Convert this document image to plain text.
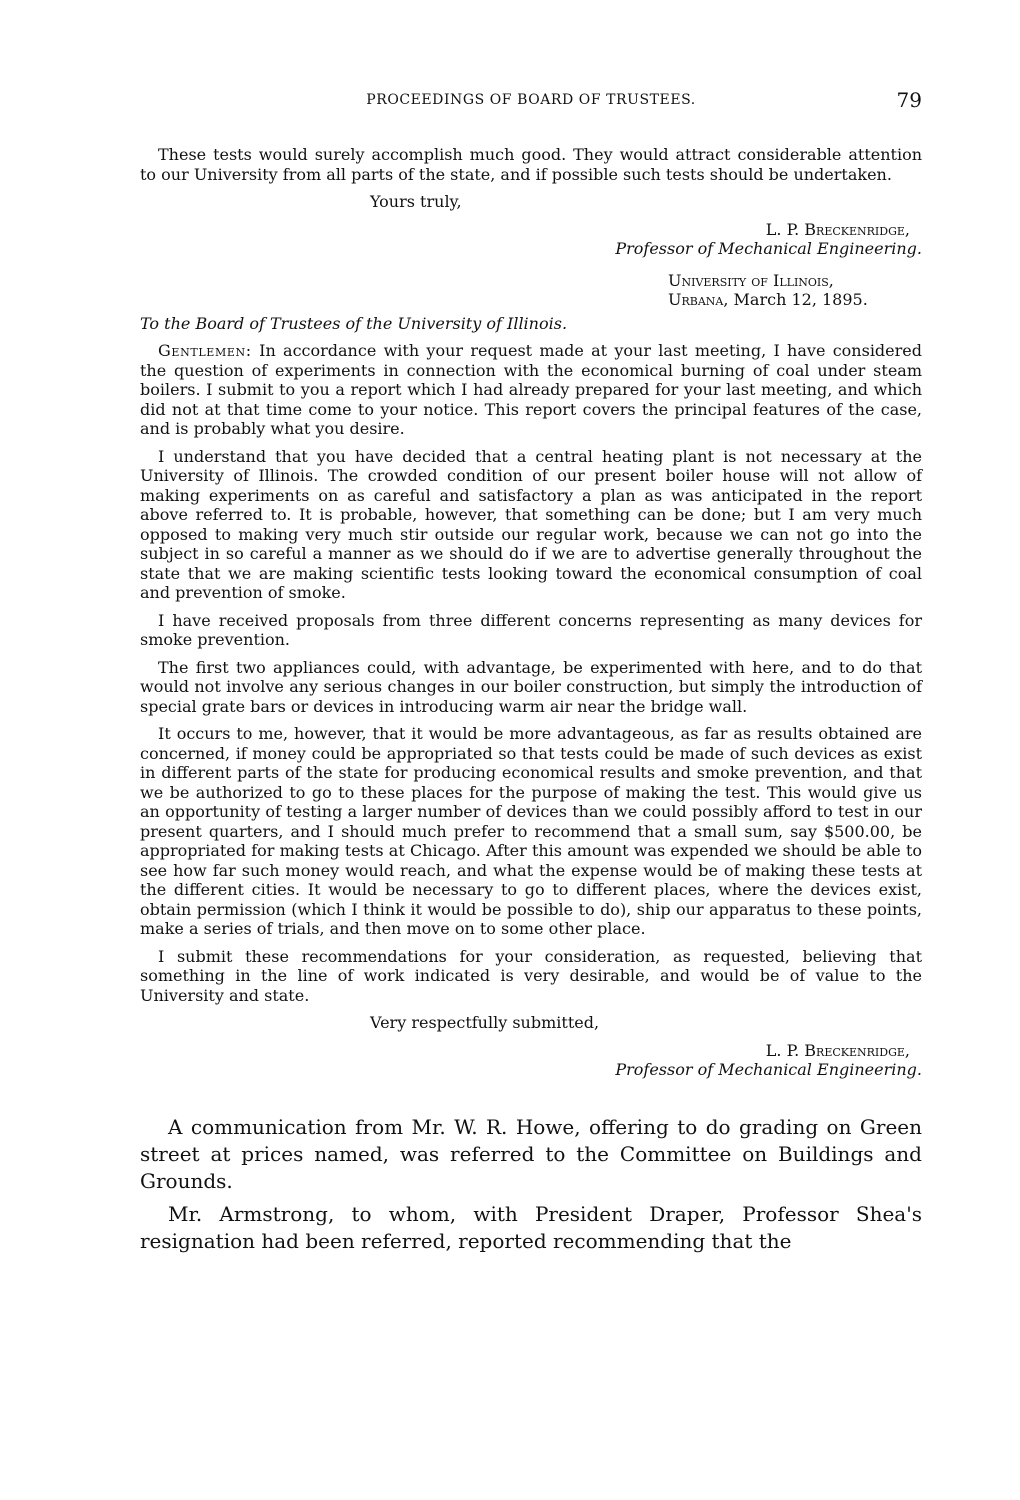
PROCEEDINGS OF BOARD OF TRUSTEES.	79

These tests would surely accomplish much good. They would attract considerable attention to our University from all parts of the state, and if possible such tests should be undertaken.

Yours truly,
L. P. Breckenridge,
Professor of Mechanical Engineering.
University of Illinois,
Urbana, March 12, 1895.
To the Board of Trustees of the University of Illinois.

Gentlemen: In accordance with your request made at your last meeting, I have considered the question of experiments in connection with the economical burning of coal under steam boilers. I submit to you a report which I had already prepared for your last meeting, and which did not at that time come to your notice. This report covers the principal features of the case, and is probably what you desire.

I understand that you have decided that a central heating plant is not necessary at the University of Illinois. The crowded condition of our present boiler house will not allow of making experiments on as careful and satisfactory a plan as was anticipated in the report above referred to. It is probable, however, that something can be done; but I am very much opposed to making very much stir outside our regular work, because we can not go into the subject in so careful a manner as we should do if we are to advertise generally throughout the state that we are making scientific tests looking toward the economical consumption of coal and prevention of smoke.

I have received proposals from three different concerns representing as many devices for smoke prevention.

The first two appliances could, with advantage, be experimented with here, and to do that would not involve any serious changes in our boiler construction, but simply the introduction of special grate bars or devices in introducing warm air near the bridge wall.

It occurs to me, however, that it would be more advantageous, as far as results obtained are concerned, if money could be appropriated so that tests could be made of such devices as exist in different parts of the state for producing economical results and smoke prevention, and that we be authorized to go to these places for the purpose of making the test. This would give us an opportunity of testing a larger number of devices than we could possibly afford to test in our present quarters, and I should much prefer to recommend that a small sum, say $500.00, be appropriated for making tests at Chicago. After this amount was expended we should be able to see how far such money would reach, and what the expense would be of making these tests at the different cities. It would be necessary to go to different places, where the devices exist, obtain permission (which I think it would be possible to do), ship our apparatus to these points, make a series of trials, and then move on to some other place.

I submit these recommendations for your consideration, as requested, believing that something in the line of work indicated is very desirable, and would be of value to the University and state.

Very respectfully submitted,
L. P. Breckenridge,
Professor of Mechanical Engineering.

A communication from Mr. W. R. Howe, offering to do grading on Green street at prices named, was referred to the Committee on Buildings and Grounds.

Mr. Armstrong, to whom, with President Draper, Professor Shea's resignation had been referred, reported recommending that the
